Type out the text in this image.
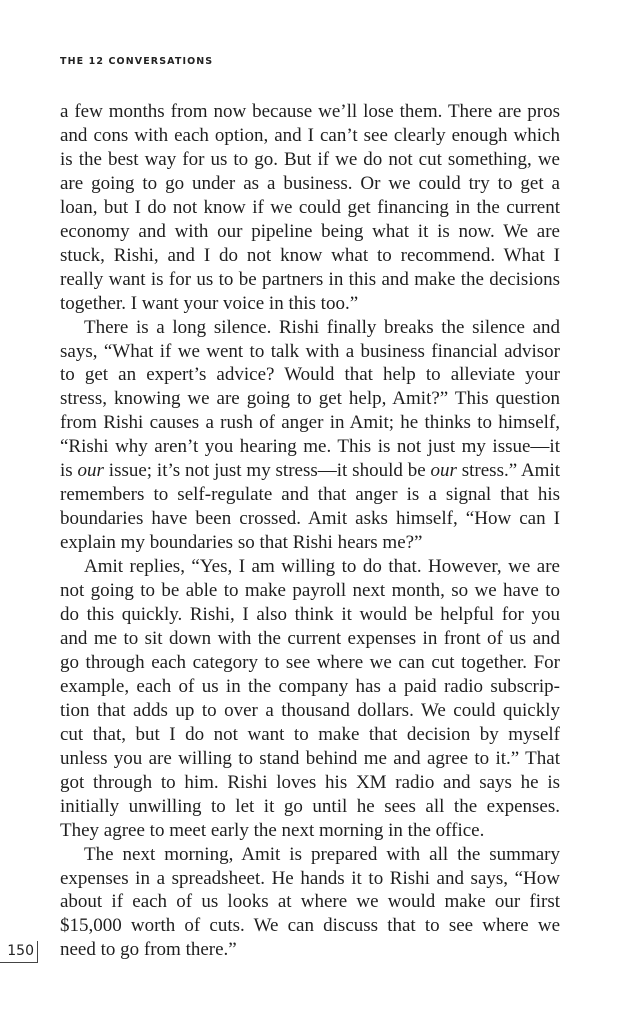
THE 12 CONVERSATIONS
a few months from now because we’ll lose them. There are pros
and cons with each option, and I can’t see clearly enough which
is the best way for us to go. But if we do not cut something, we
are going to go under as a business. Or we could try to get a
loan, but I do not know if we could get financing in the current
economy and with our pipeline being what it is now. We are
stuck, Rishi, and I do not know what to recommend. What I
really want is for us to be partners in this and make the decisions
together. I want your voice in this too.”
There is a long silence. Rishi finally breaks the silence and
says, “What if we went to talk with a business financial advisor
to get an expert’s advice? Would that help to alleviate your
stress, knowing we are going to get help, Amit?” This question
from Rishi causes a rush of anger in Amit; he thinks to himself,
“Rishi why aren’t you hearing me. This is not just my issue—it
is our issue; it’s not just my stress—it should be our stress.” Amit
remembers to self-regulate and that anger is a signal that his
boundaries have been crossed. Amit asks himself, “How can I
explain my boundaries so that Rishi hears me?”
Amit replies, “Yes, I am willing to do that. However, we are
not going to be able to make payroll next month, so we have to
do this quickly. Rishi, I also think it would be helpful for you
and me to sit down with the current expenses in front of us and
go through each category to see where we can cut together. For
example, each of us in the company has a paid radio subscrip-
tion that adds up to over a thousand dollars. We could quickly
cut that, but I do not want to make that decision by myself
unless you are willing to stand behind me and agree to it.” That
got through to him. Rishi loves his XM radio and says he is
initially unwilling to let it go until he sees all the expenses.
They agree to meet early the next morning in the office.
The next morning, Amit is prepared with all the summary
expenses in a spreadsheet. He hands it to Rishi and says, “How
about if each of us looks at where we would make our first
$15,000 worth of cuts. We can discuss that to see where we
need to go from there.”
150
